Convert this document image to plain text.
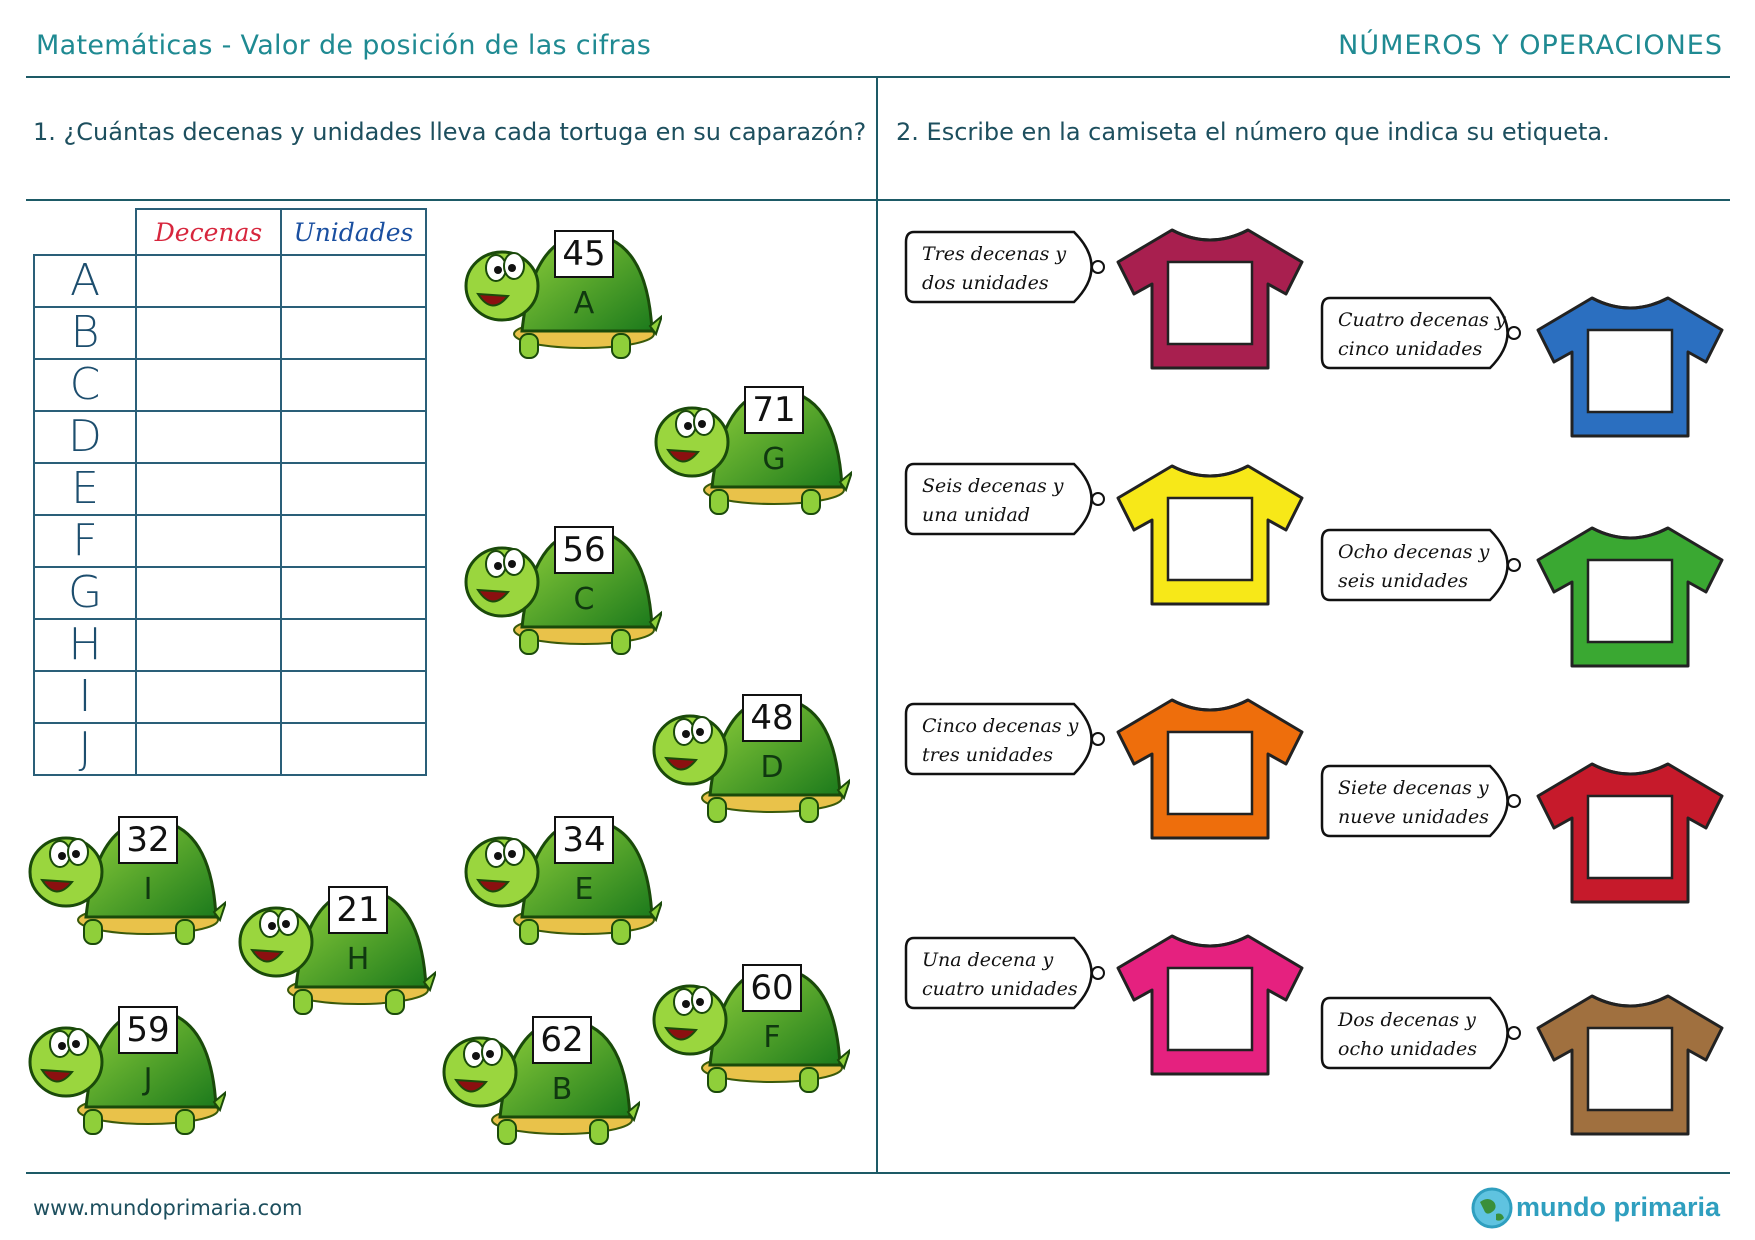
Matemáticas - Valor de posición de las cifras	NÚMEROS Y OPERACIONES
1. ¿Cuántas decenas y unidades lleva cada tortuga en su caparazón? 2. Escribe en la camiseta el número que indica su etiqueta.
	Decenas	Unidades
A		
B		
C		
D		
E		
F		
G		
H		
I		
J		
45
A
71
G
56
C
48
D
32
I
34
E
21
H
60
F
59
J
62
B
Tres decenas y
dos unidades
Cuatro decenas y
cinco unidades
Seis decenas y
una unidad
Ocho decenas y
seis unidades
Cinco decenas y
tres unidades
Siete decenas y
nueve unidades
Una decena y
cuatro unidades
Dos decenas y
ocho unidades
www.mundoprimaria.com	mundo primaria
